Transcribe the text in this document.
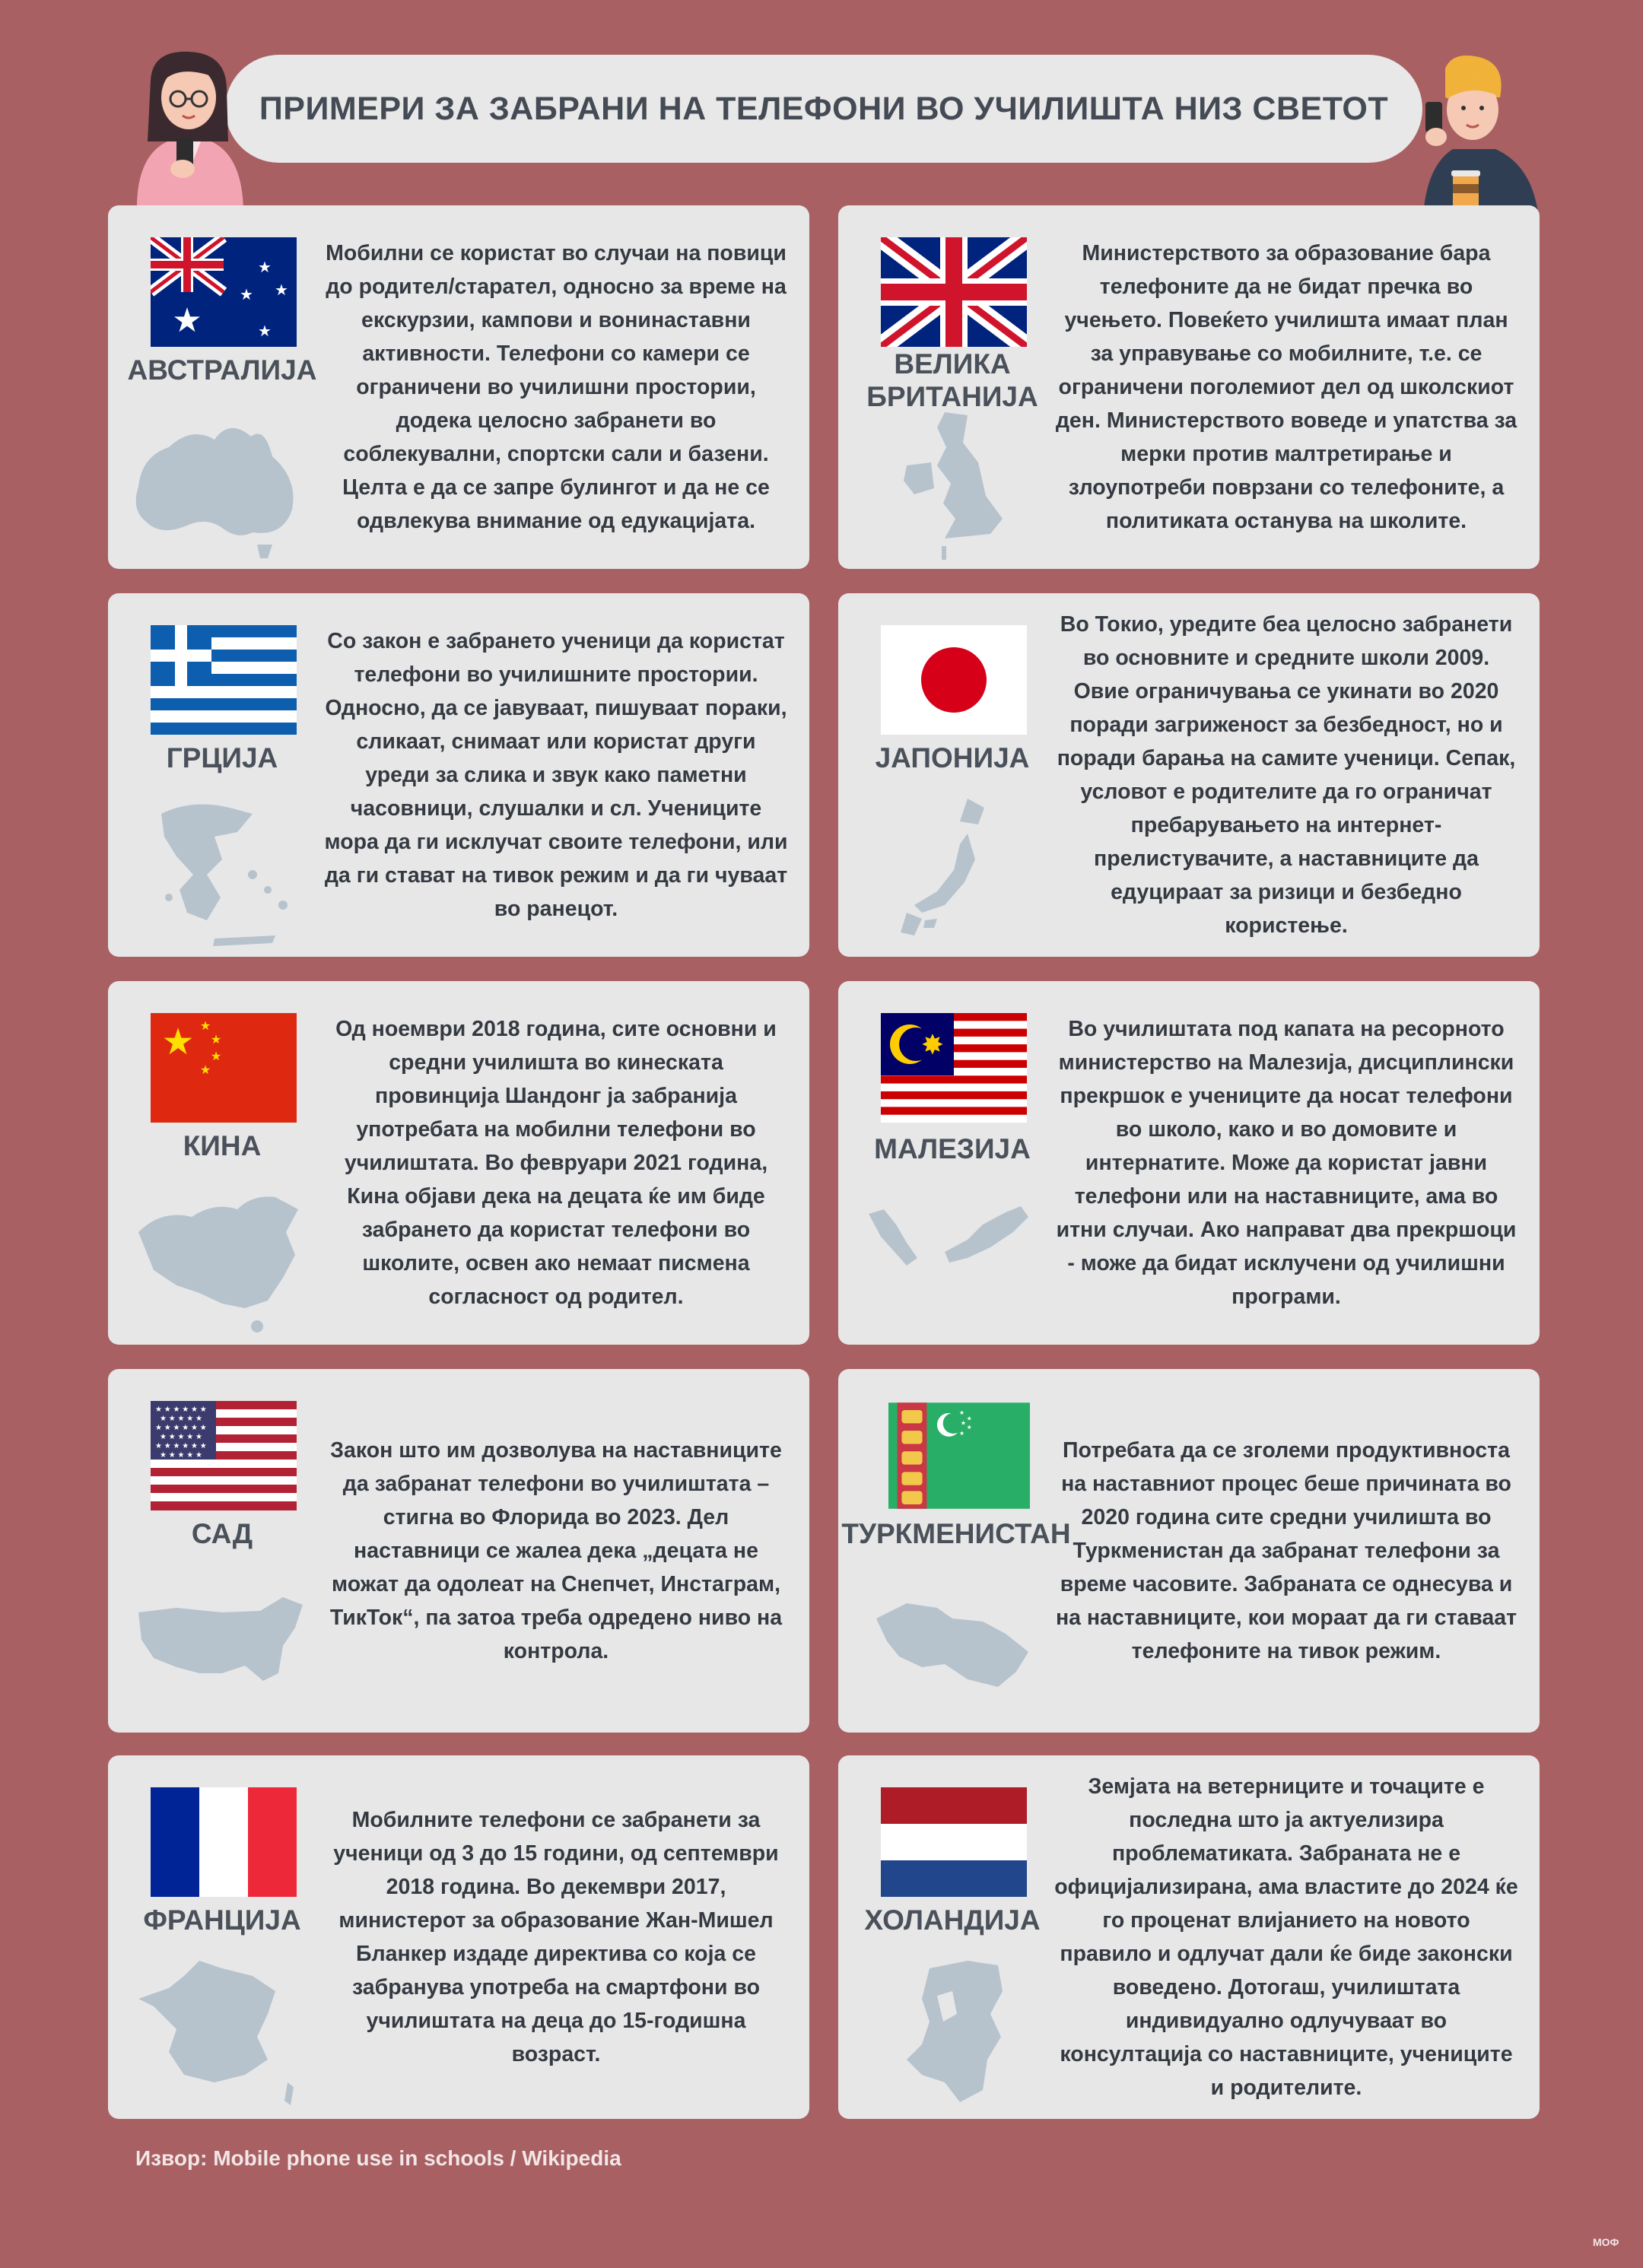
ПРИМЕРИ ЗА ЗАБРАНИ НА ТЕЛЕФОНИ ВО УЧИЛИШТА НИЗ СВЕТОТ
★
★
★ ★
★
АВСТРАЛИЈА
Мобилни се користат во случаи на повици до родител/старател, односно за време на екскурзии, кампови и вонинаставни активности. Телефони со камери се ограничени во училишни простории, додека целосно забранети во соблекувални, спортски сали и базени. Целта е да се запре булингот и да не се одвлекува внимание од едукацијата.
ВЕЛИКА БРИТАНИЈА
Министерството за образование бара телефоните да не бидат пречка во учењето. Повеќето училишта имаат план за управување со мобилните, т.е. се ограничени поголемиот дел од школскиот ден. Министерството воведе и упатства за мерки против малтретирање и злоупотреби поврзани со телефоните, а политиката останува на школите.
ГРЦИЈА
Со закон е забрането ученици да користат телефони во училишните простории. Односно, да се јавуваат, пишуваат пораки, сликаат, снимаат или користат други уреди за слика и звук како паметни часовници, слушалки и сл. Учениците мора да ги исклучат своите телефони, или да ги стават на тивок режим и да ги чуваат во ранецот.
ЈАПОНИЈА
Во Токио, уредите беа целосно забранети во основните и средните школи 2009. Овие ограничувања се укинати во 2020 поради загриженост за безбедност, но и поради барања на самите ученици. Сепак, условот е родителите да го ограничат пребарувањето на интернет-прелистувачите, а наставниците да едуцираат за ризици и безбедно користење.
★ ★
★
★
★
КИНА
Од ноември 2018 година, сите основни и средни училишта во кинеската провинција Шандонг ја забранија употребата на мобилни телефони во училиштата. Во февруари 2021 година, Кина објави дека на децата ќе им биде забрането да користат телефони во школите, освен ако немаат писмена согласност од родител.
✸
МАЛЕЗИЈА
Во училиштата под капата на ресорното министерство на Малезија, дисциплински прекршок е учениците да носат телефони во школо, како и во домовите и интернатите. Може да користат јавни телефони или на наставниците, ама во итни случаи. Ако направат два прекршоци - може да бидат исклучени од училишни програми.
★ ★ ★ ★ ★ ★
★ ★ ★ ★ ★
★ ★ ★ ★ ★ ★
★ ★ ★ ★ ★
★ ★ ★ ★ ★ ★
★ ★ ★ ★ ★
САД
Закон што им дозволува на наставниците да забранат телефони во училиштата – стигна во Флорида во 2023. Дел наставници се жалеа дека „децата не можат да одолеат на Снепчет, Инстаграм, ТикТок“, па затоа треба одредено ниво на контрола.
★
★
★
★
★
ТУРКМЕНИСТАН
Потребата да се зголеми продуктивноста на наставниот процес беше причината во 2020 година сите средни училишта во Туркменистан да забранат телефони за време часовите. Забраната се однесува и на наставниците, кои мораат да ги ставаат телефоните на тивок режим.
ФРАНЦИЈА
Мобилните телефони се забранети за ученици од 3 до 15 години, од септември 2018 година. Во декември 2017, министерот за образование Жан-Мишел Бланкер издаде директива со која се забранува употреба на смартфони во училиштата на деца до 15-годишна возраст.
ХОЛАНДИЈА
Земјата на ветерниците и точаците е последна што ја актуелизира проблематиката. Забраната не е официјализирана, ама властите до 2024 ќе го проценат влијанието на новото правило и одлучат дали ќе биде законски воведено. Дотогаш, училиштата индивидуално одлучуваат во консултација со наставниците, учениците и родителите.
Извор: Mobile phone use in schools / Wikipedia
МОФ
